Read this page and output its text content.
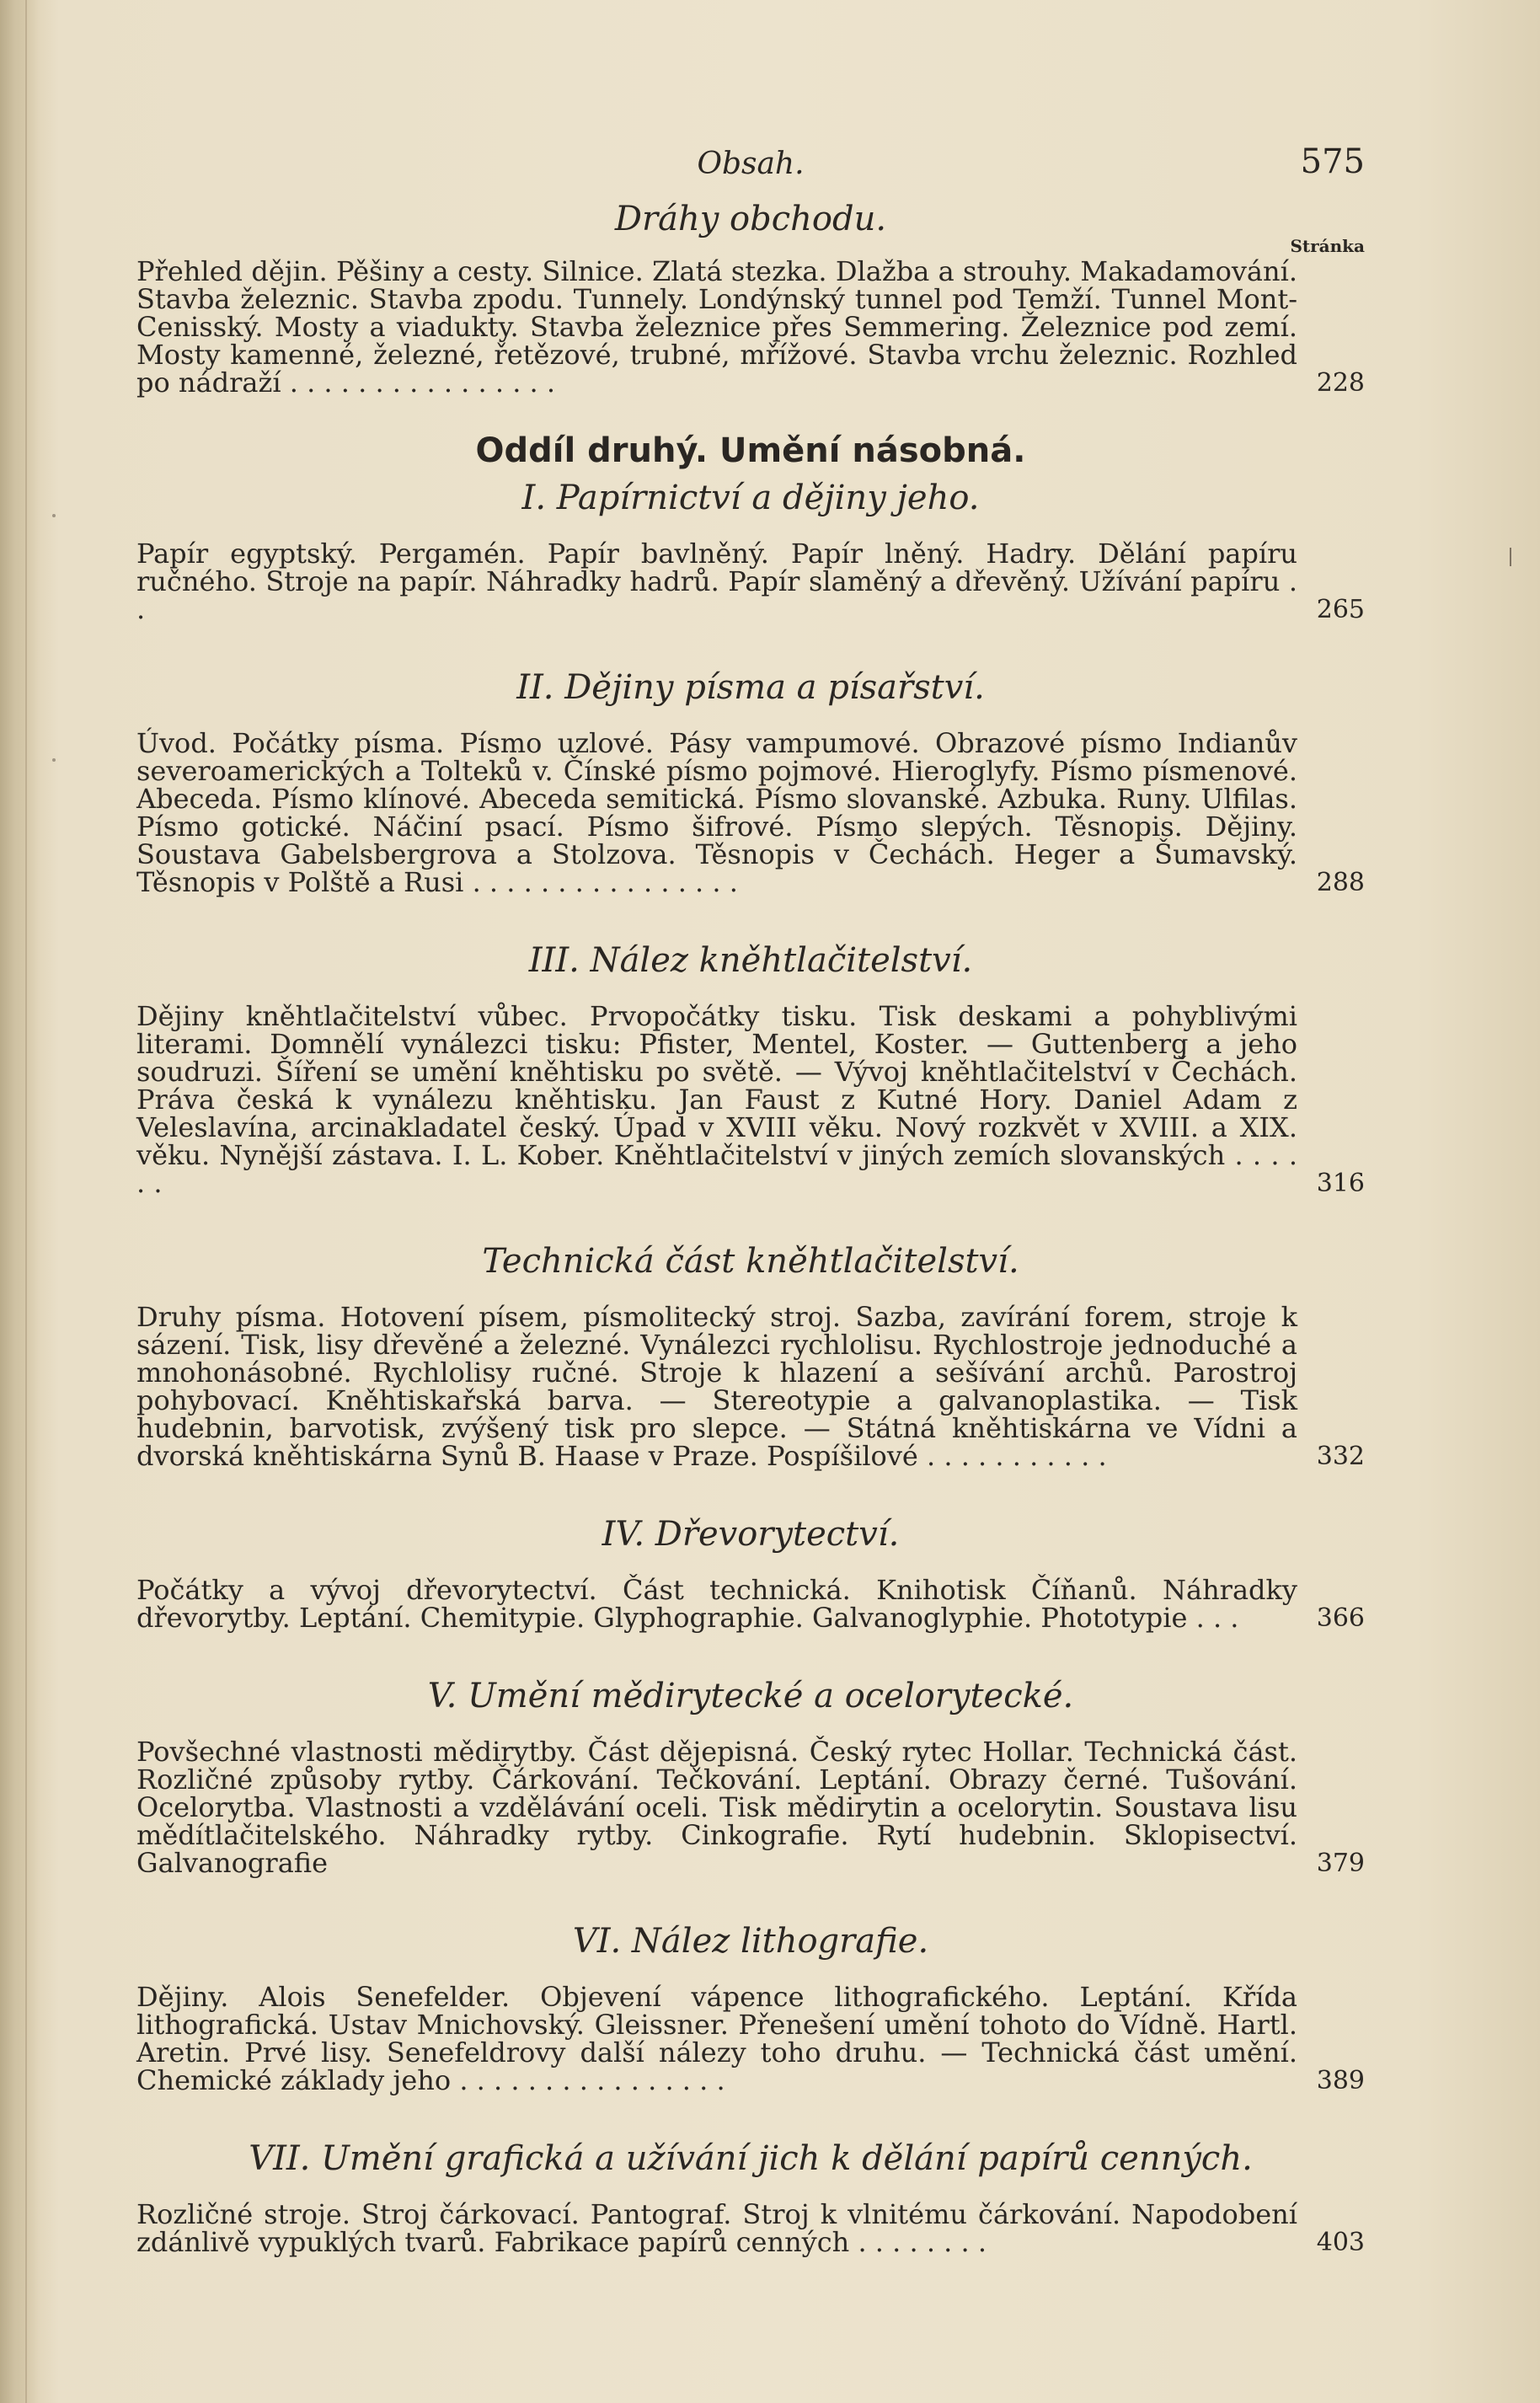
Obsah.	575
Dráhy obchodu.
Stránka
Přehled dějin. Pěšiny a cesty. Silnice. Zlatá stezka. Dlažba a strouhy. Makadamování. Stavba železnic. Stavba zpodu. Tunnely. Londýnský tunnel pod Temží. Tunnel Mont-Cenisský. Mosty a viadukty. Stavba železnice přes Semmering. Železnice pod zemí. Mosty kamenné, železné, řetězové, trubné, mřížové. Stavba vrchu železnic. Rozhled po nádraží . . . . . . . . . . . . . . . .	228
Oddíl druhý. Umění násobná.
I. Papírnictví a dějiny jeho.
Papír egyptský. Pergamén. Papír bavlněný. Papír lněný. Hadry. Dělání papíru ručného. Stroje na papír. Náhradky hadrů. Papír slaměný a dřevěný. Užívání papíru . .	265
II. Dějiny písma a písařství.
Úvod. Počátky písma. Písmo uzlové. Pásy vampumové. Obrazové písmo Indianův severoamerických a Tolteků v. Čínské písmo pojmové. Hieroglyfy. Písmo písmenové. Abeceda. Písmo klínové. Abeceda semitická. Písmo slovanské. Azbuka. Runy. Ulfilas. Písmo gotické. Náčiní psací. Písmo šifrové. Písmo slepých. Těsnopis. Dějiny. Soustava Gabelsbergrova a Stolzova. Těsnopis v Čechách. Heger a Šumavský. Těsnopis v Polště a Rusi . . . . . . . . . . . . . . . .	288
III. Nález kněhtlačitelství.
Dějiny kněhtlačitelství vůbec. Prvopočátky tisku. Tisk deskami a pohyblivými literami. Domnělí vynálezci tisku: Pfister, Mentel, Koster. — Guttenberg a jeho soudruzi. Šíření se umění kněhtisku po světě. — Vývoj kněhtlačitelství v Čechách. Práva česká k vynálezu kněhtisku. Jan Faust z Kutné Hory. Daniel Adam z Veleslavína, arcinakladatel český. Úpad v XVIII věku. Nový rozkvět v XVIII. a XIX. věku. Nynější zástava. I. L. Kober. Kněhtlačitelství v jiných zemích slovanských . . . . . .	316
Technická část kněhtlačitelství.
Druhy písma. Hotovení písem, písmolitecký stroj. Sazba, zavírání forem, stroje k sázení. Tisk, lisy dřevěné a železné. Vynálezci rychlolisu. Rychlostroje jednoduché a mnohonásobné. Rychlolisy ručné. Stroje k hlazení a sešívání archů. Parostroj pohybovací. Kněhtiskařská barva. — Stereotypie a galvanoplastika. — Tisk hudebnin, barvotisk, zvýšený tisk pro slepce. — Státná kněhtiskárna ve Vídni a dvorská kněhtiskárna Synů B. Haase v Praze. Pospíšilové . . . . . . . . . . .	332
IV. Dřevorytectví.
Počátky a vývoj dřevorytectví. Část technická. Knihotisk Číňanů. Náhradky dřevorytby. Leptání. Chemitypie. Glyphographie. Galvanoglyphie. Phototypie . . .	366
V. Umění mědirytecké a ocelorytecké.
Povšechné vlastnosti mědirytby. Část dějepisná. Český rytec Hollar. Technická část. Rozličné způsoby rytby. Čárkování. Tečkování. Leptání. Obrazy černé. Tušování. Ocelorytba. Vlastnosti a vzdělávání oceli. Tisk mědirytin a ocelorytin. Soustava lisu mědítlačitelského. Náhradky rytby. Cinkografie. Rytí hudebnin. Sklopisectví. Galvanografie	379
VI. Nález lithografie.
Dějiny. Alois Senefelder. Objevení vápence lithografického. Leptání. Křída lithografická. Ustav Mnichovský. Gleissner. Přenešení umění tohoto do Vídně. Hartl. Aretin. Prvé lisy. Senefeldrovy další nálezy toho druhu. — Technická část umění. Chemické základy jeho . . . . . . . . . . . . . . . .	389
VII. Umění grafická a užívání jich k dělání papírů cenných.
Rozličné stroje. Stroj čárkovací. Pantograf. Stroj k vlnitému čárkování. Napodobení zdánlivě vypuklých tvarů. Fabrikace papírů cenných . . . . . . . .	403
